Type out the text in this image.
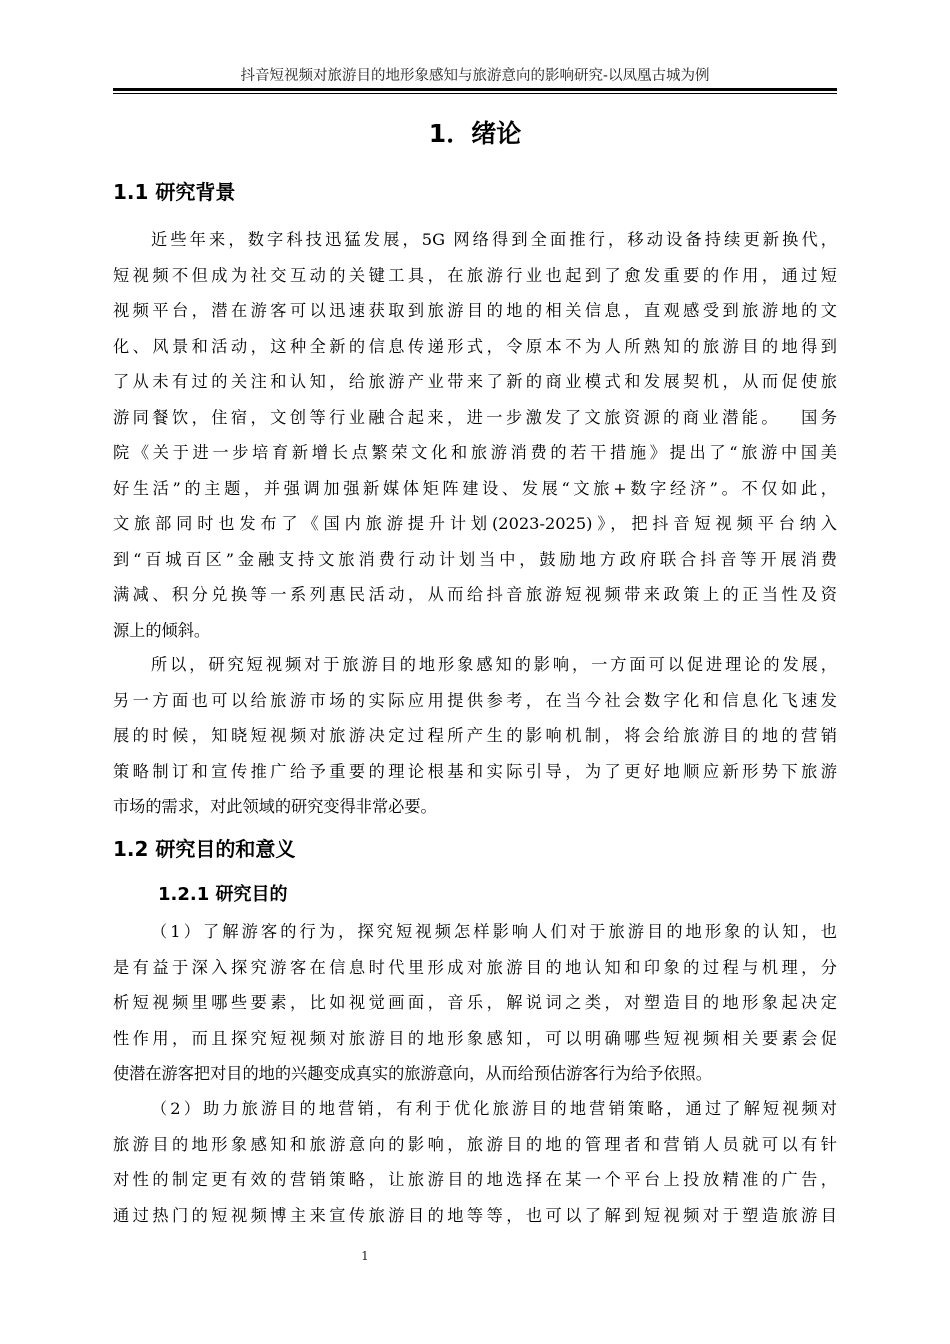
抖音短视频对旅游目的地形象感知与旅游意向的影响研究-以凤凰古城为例
1．绪论
1.1 研究背景
近些年来，数字科技迅猛发展，5G 网络得到全面推行，移动设备持续更新换代，
短视频不但成为社交互动的关键工具，在旅游行业也起到了愈发重要的作用，通过短
视频平台，潜在游客可以迅速获取到旅游目的地的相关信息，直观感受到旅游地的文
化、风景和活动，这种全新的信息传递形式，令原本不为人所熟知的旅游目的地得到
了从未有过的关注和认知，给旅游产业带来了新的商业模式和发展契机，从而促使旅
游同餐饮，住宿，文创等行业融合起来，进一步激发了文旅资源的商业潜能。　 国务
院《关于进一步培育新增长点繁荣文化和旅游消费的若干措施》提出了“旅游中国美
好生活”的主题，并强调加强新媒体矩阵建设、发展“文旅+数字经济”。不仅如此，
文旅部同时也发布了《国内旅游提升计划(2023-2025)》，把抖音短视频平台纳入
到“百城百区”金融支持文旅消费行动计划当中，鼓励地方政府联合抖音等开展消费
满减、积分兑换等一系列惠民活动，从而给抖音旅游短视频带来政策上的正当性及资
源上的倾斜。
所以，研究短视频对于旅游目的地形象感知的影响，一方面可以促进理论的发展，
另一方面也可以给旅游市场的实际应用提供参考，在当今社会数字化和信息化飞速发
展的时候，知晓短视频对旅游决定过程所产生的影响机制，将会给旅游目的地的营销
策略制订和宣传推广给予重要的理论根基和实际引导，为了更好地顺应新形势下旅游
市场的需求，对此领域的研究变得非常必要。
1.2 研究目的和意义
1.2.1 研究目的
（1）了解游客的行为，探究短视频怎样影响人们对于旅游目的地形象的认知，也
是有益于深入探究游客在信息时代里形成对旅游目的地认知和印象的过程与机理，分
析短视频里哪些要素，比如视觉画面，音乐，解说词之类，对塑造目的地形象起决定
性作用，而且探究短视频对旅游目的地形象感知，可以明确哪些短视频相关要素会促
使潜在游客把对目的地的兴趣变成真实的旅游意向，从而给预估游客行为给予依照。
（2）助力旅游目的地营销，有利于优化旅游目的地营销策略，通过了解短视频对
旅游目的地形象感知和旅游意向的影响，旅游目的地的管理者和营销人员就可以有针
对性的制定更有效的营销策略，让旅游目的地选择在某一个平台上投放精准的广告，
通过热门的短视频博主来宣传旅游目的地等等，也可以了解到短视频对于塑造旅游目
1
